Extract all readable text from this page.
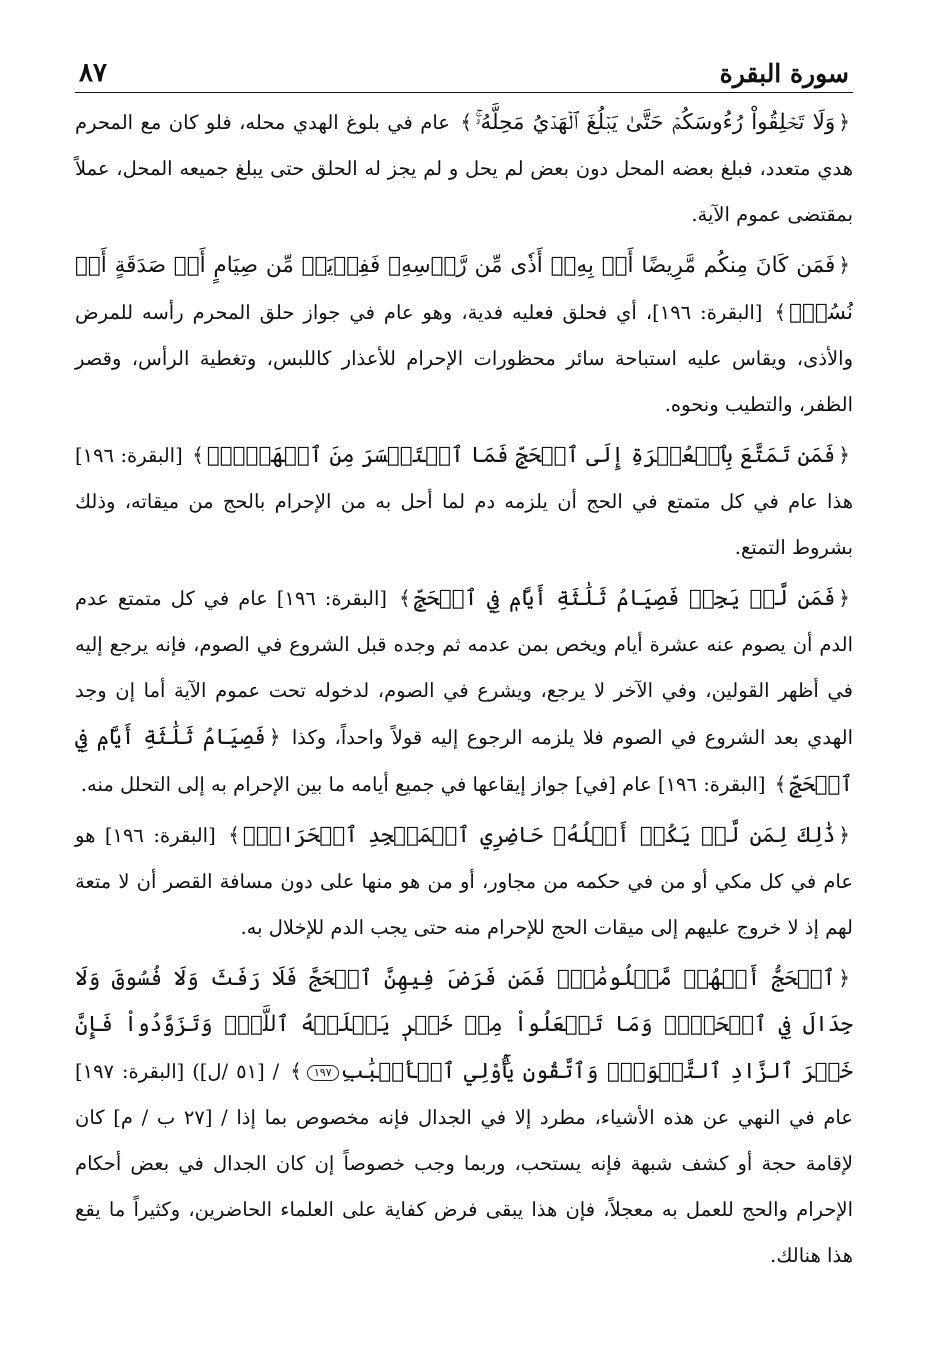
سورة البقرة
٨٧

﴿وَلَا تَحۡلِقُواْ رُءُوسَكُمۡ حَتَّىٰ يَبۡلُغَ ٱلۡهَدۡيُ مَحِلَّهُۥۚ﴾ عام في بلوغ الهدي محله، فلو كان مع المحرم هدي متعدد، فبلغ بعضه المحل دون بعض لم يحل و لم يجز له الحلق حتى يبلغ جميعه المحل، عملاً بمقتضى عموم الآية.

﴿فَمَن كَانَ مِنكُم مَّرِيضًا أَوۡ بِهِۦٓ أَذٗى مِّن رَّأۡسِهِۦ فَفِدۡيَةٞ مِّن صِيَامٍ أَوۡ صَدَقَةٍ أَوۡ نُسُكٖۚ﴾ [البقرة: ١٩٦]، أي فحلق فعليه فدية، وهو عام في جواز حلق المحرم رأسه للمرض والأذى، ويقاس عليه استباحة سائر محظورات الإحرام للأعذار كاللبس، وتغطية الرأس، وقصر الظفر، والتطيب ونحوه.

﴿فَمَن تَمَتَّعَ بِٱلۡعُمۡرَةِ إِلَى ٱلۡحَجِّ فَمَا ٱسۡتَيۡسَرَ مِنَ ٱلۡهَدۡيِۚ﴾ [البقرة: ١٩٦] هذا عام في كل متمتع في الحج أن يلزمه دم لما أحل به من الإحرام بالحج من ميقاته، وذلك بشروط التمتع.

﴿فَمَن لَّمۡ يَجِدۡ فَصِيَامُ ثَلَٰثَةِ أَيَّامٖ فِي ٱلۡحَجِّ﴾ [البقرة: ١٩٦] عام في كل متمتع عدم الدم أن يصوم عنه عشرة أيام ويخص بمن عدمه ثم وجده قبل الشروع في الصوم، فإنه يرجع إليه في أظهر القولين، وفي الآخر لا يرجع، ويشرع في الصوم، لدخوله تحت عموم الآية أما إن وجد الهدي بعد الشروع في الصوم فلا يلزمه الرجوع إليه قولاً واحداً، وكذا ﴿فَصِيَامُ ثَلَٰثَةِ أَيَّامٖ فِي ٱلۡحَجِّ﴾ [البقرة: ١٩٦] عام [في] جواز إيقاعها في جميع أيامه ما بين الإحرام به إلى التحلل منه.

﴿ذَٰلِكَ لِمَن لَّمۡ يَكُنۡ أَهۡلُهُۥ حَاضِرِي ٱلۡمَسۡجِدِ ٱلۡحَرَامِۚ﴾ [البقرة: ١٩٦] هو عام في كل مكي أو من في حكمه من مجاور، أو من هو منها على دون مسافة القصر أن لا متعة لهم إذ لا خروج عليهم إلى ميقات الحج للإحرام منه حتى يجب الدم للإخلال به.

﴿ٱلۡحَجُّ أَشۡهُرٞ مَّعۡلُومَٰتٞۚ فَمَن فَرَضَ فِيهِنَّ ٱلۡحَجَّ فَلَا رَفَثَ وَلَا فُسُوقَ وَلَا جِدَالَ فِي ٱلۡحَجِّۗ وَمَا تَفۡعَلُواْ مِنۡ خَيۡرٖ يَعۡلَمۡهُ ٱللَّهُۗ وَتَزَوَّدُواْ فَإِنَّ خَيۡرَ ٱلزَّادِ ٱلتَّقۡوَىٰۖ وَٱتَّقُونِ يَٰٓأُوْلِي ٱلۡأَلۡبَٰبِ١٩٧﴾ / [٥١ /ل]) [البقرة: ١٩٧] عام في النهي عن هذه الأشياء، مطرد إلا في الجدال فإنه مخصوص بما إذا / [٢٧ ب / م] كان لإقامة حجة أو كشف شبهة فإنه يستحب، وربما وجب خصوصاً إن كان الجدال في بعض أحكام الإحرام والحج للعمل به معجلاً، فإن هذا يبقى فرض كفاية على العلماء الحاضرين، وكثيراً ما يقع هذا هنالك.
